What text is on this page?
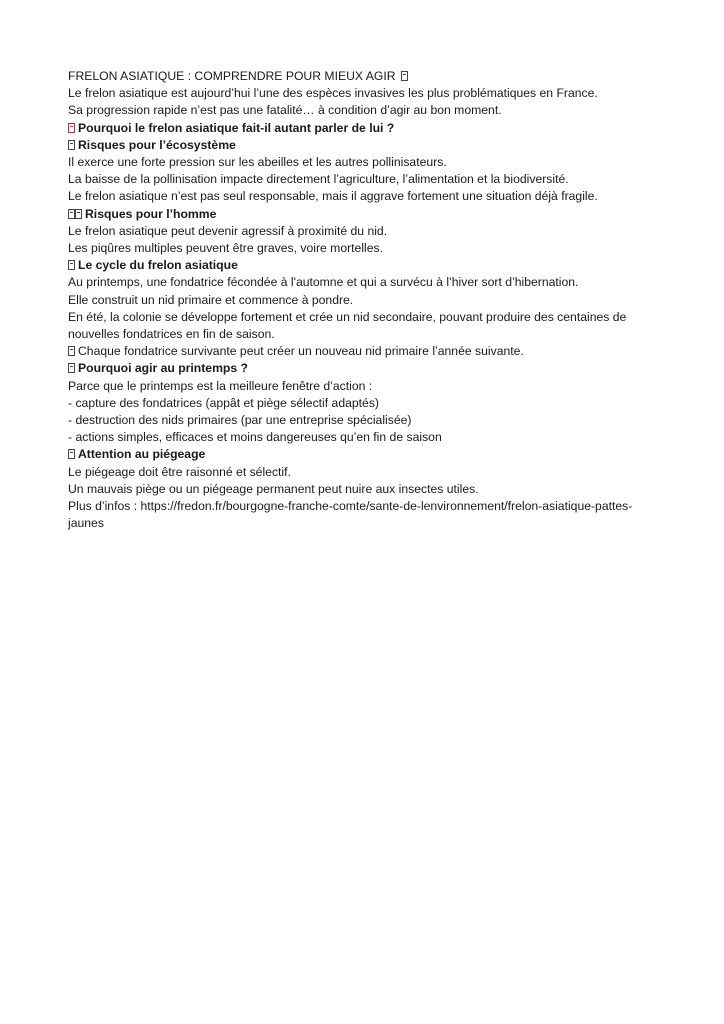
FRELON ASIATIQUE : COMPRENDRE POUR MIEUX AGIR
Le frelon asiatique est aujourd’hui l’une des espèces invasives les plus problématiques en France.
Sa progression rapide n’est pas une fatalité… à condition d’agir au bon moment.
Pourquoi le frelon asiatique fait-il autant parler de lui ?
Risques pour l’écosystème
Il exerce une forte pression sur les abeilles et les autres pollinisateurs.
La baisse de la pollinisation impacte directement l’agriculture, l’alimentation et la biodiversité.
Le frelon asiatique n’est pas seul responsable, mais il aggrave fortement une situation déjà fragile.
Risques pour l’homme
Le frelon asiatique peut devenir agressif à proximité du nid.
Les piqûres multiples peuvent être graves, voire mortelles.
Le cycle du frelon asiatique
Au printemps, une fondatrice fécondée à l'automne et qui a survécu à l’hiver sort d’hibernation.
Elle construit un nid primaire et commence à pondre.
En été, la colonie se développe fortement et crée un nid secondaire, pouvant produire des centaines de nouvelles fondatrices en fin de saison.
Chaque fondatrice survivante peut créer un nouveau nid primaire l’année suivante.
Pourquoi agir au printemps ?
Parce que le printemps est la meilleure fenêtre d’action :
- capture des fondatrices (appât et piège sélectif adaptés)
- destruction des nids primaires (par une entreprise spécialisée)
- actions simples, efficaces et moins dangereuses qu’en fin de saison
Attention au piégeage
Le piégeage doit être raisonné et sélectif.
Un mauvais piège ou un piégeage permanent peut nuire aux insectes utiles.
Plus d’infos : https://fredon.fr/bourgogne-franche-comte/sante-de-lenvironnement/frelon-asiatique-pattes-jaunes
